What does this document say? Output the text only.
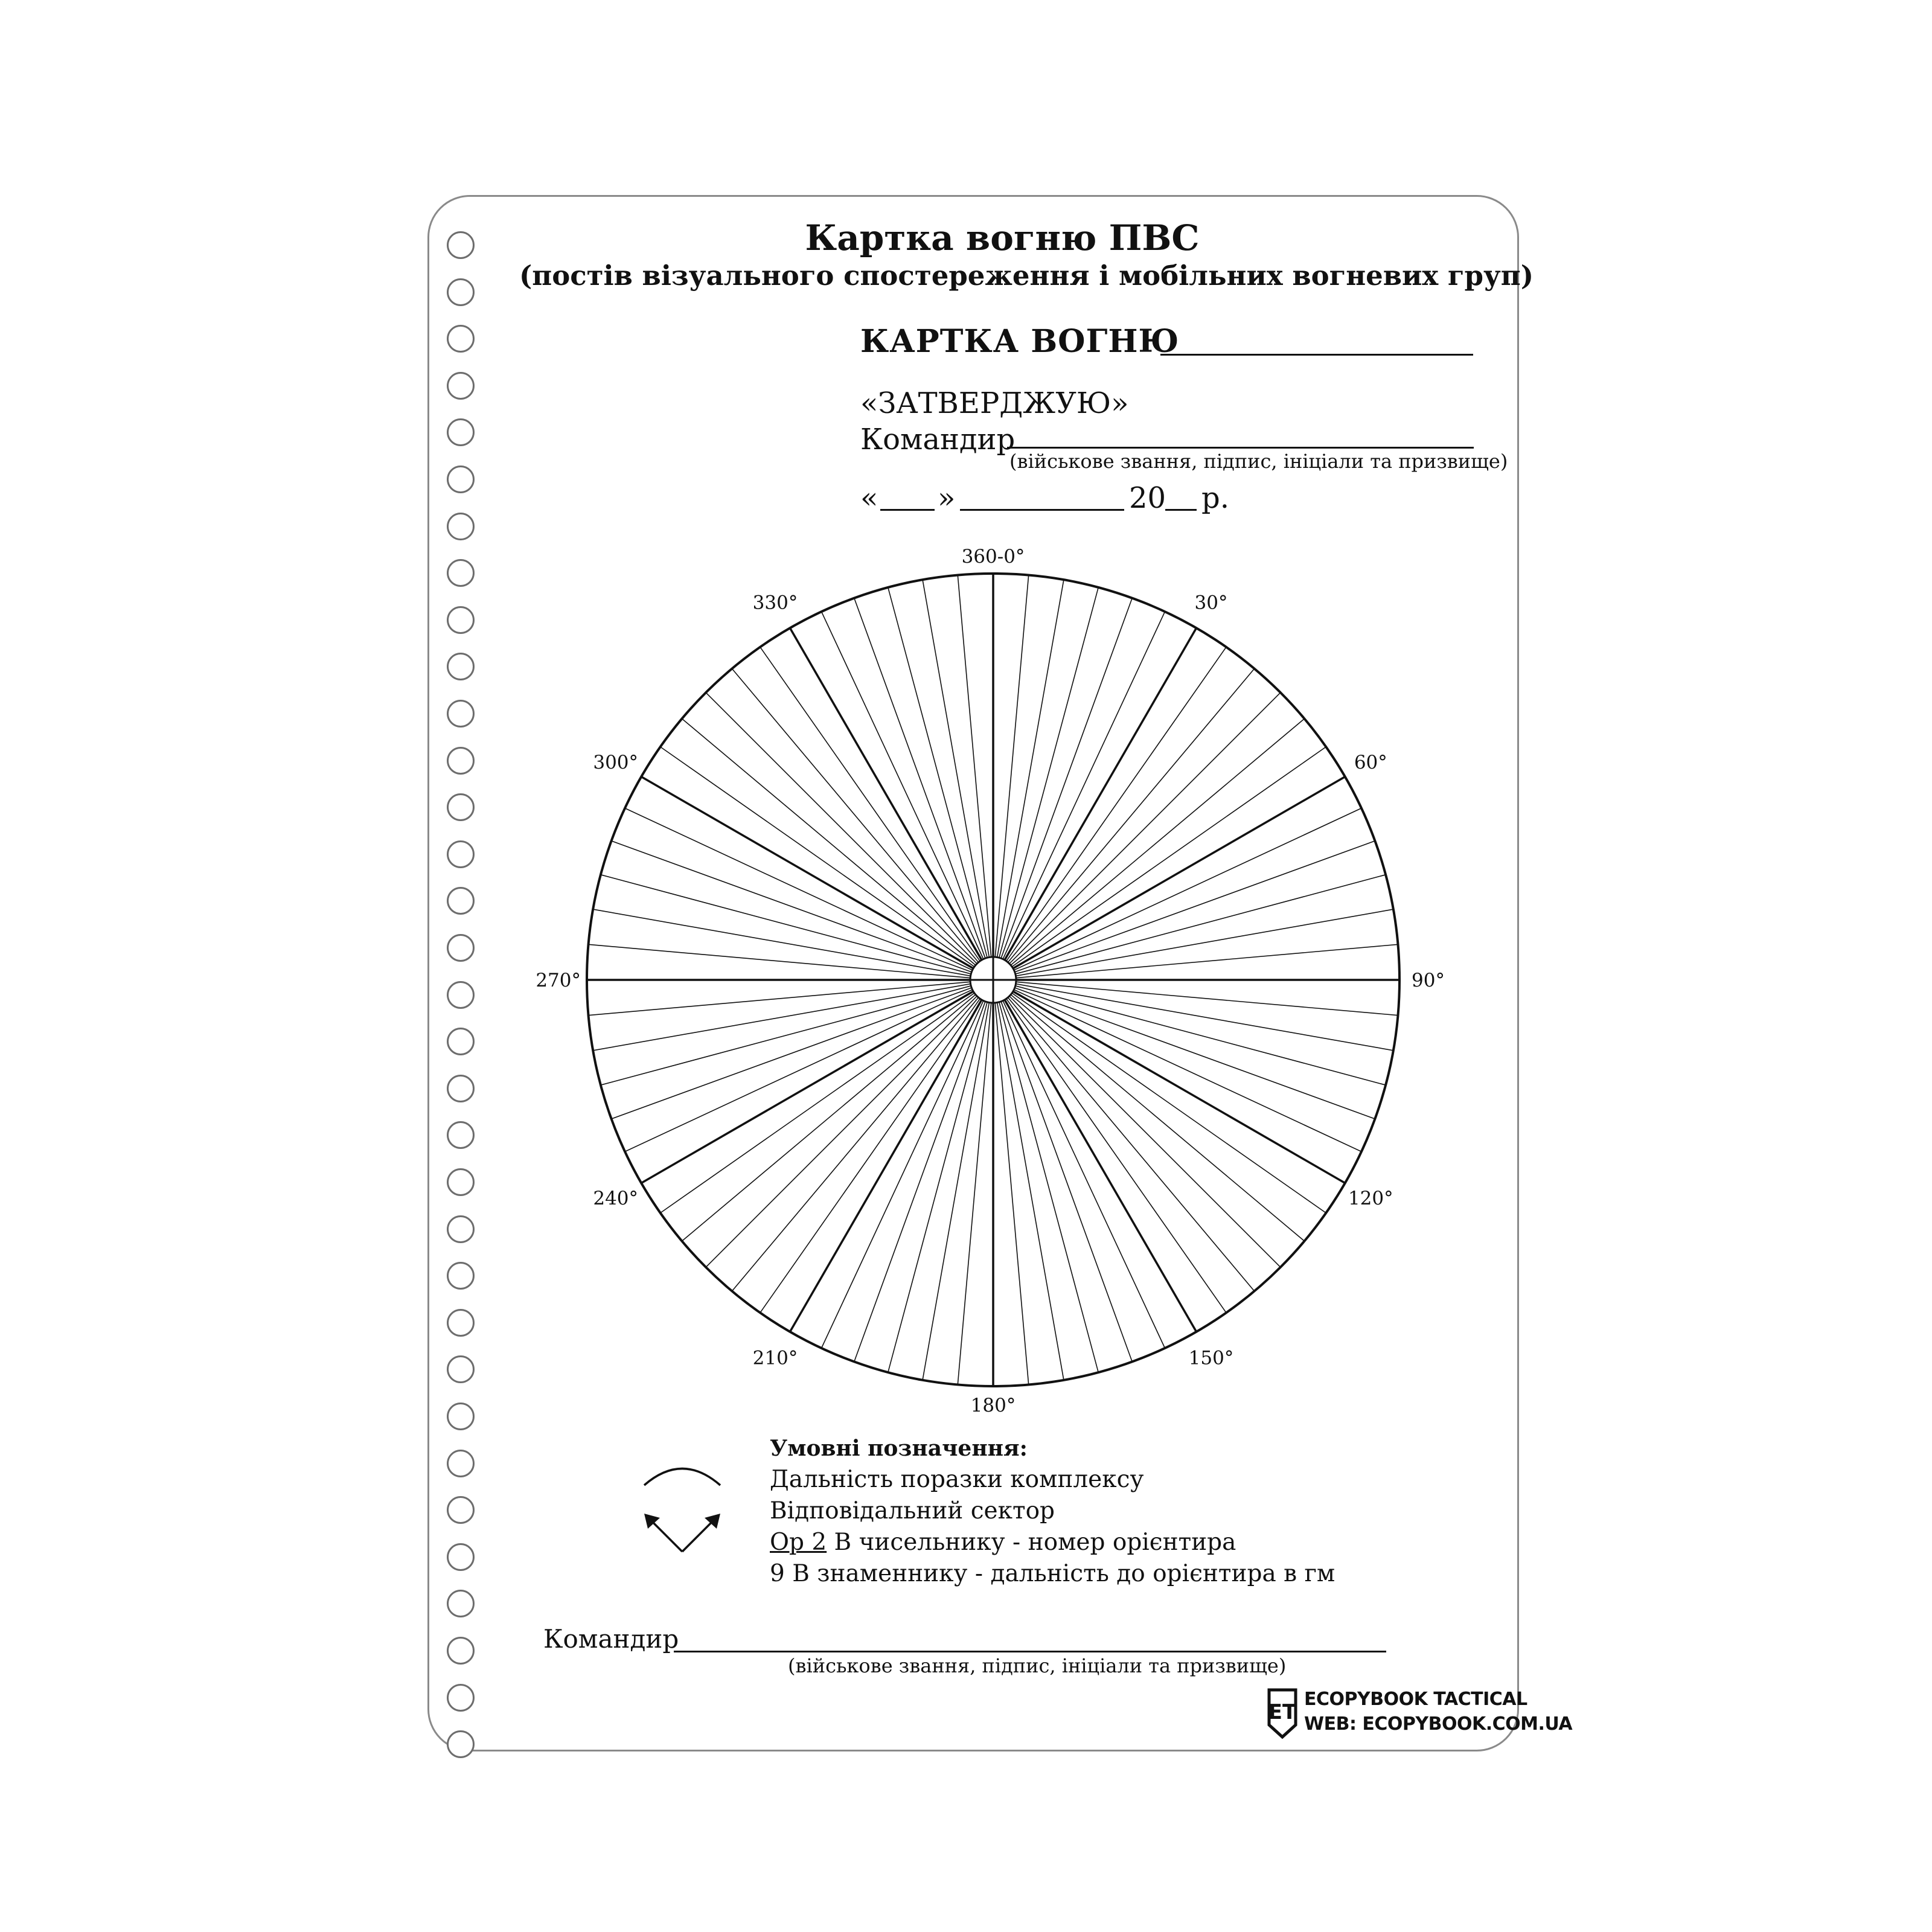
Картка вогню ПВС
(постів візуального спостереження і мобільних вогневих груп)
КАРТКА ВОГНЮ
«ЗАТВЕРДЖУЮ»
Командир
(військове звання, підпис, ініціали та призвище)
« »	20 р.
360-0°
30°
60°
90°
120°
150°
180°
210°
240°
270°
300°
330°
Умовні позначення:
Дальність поразки комплексу
Відповідальний сектор
Ор 2 В чисельнику - номер орієнтира
9 В знаменнику - дальність до орієнтира в гм
Командир
(військове звання, підпис, ініціали та призвище)
ET
ECOPYBOOK TACTICAL
WEB: ECOPYBOOK.COM.UA
